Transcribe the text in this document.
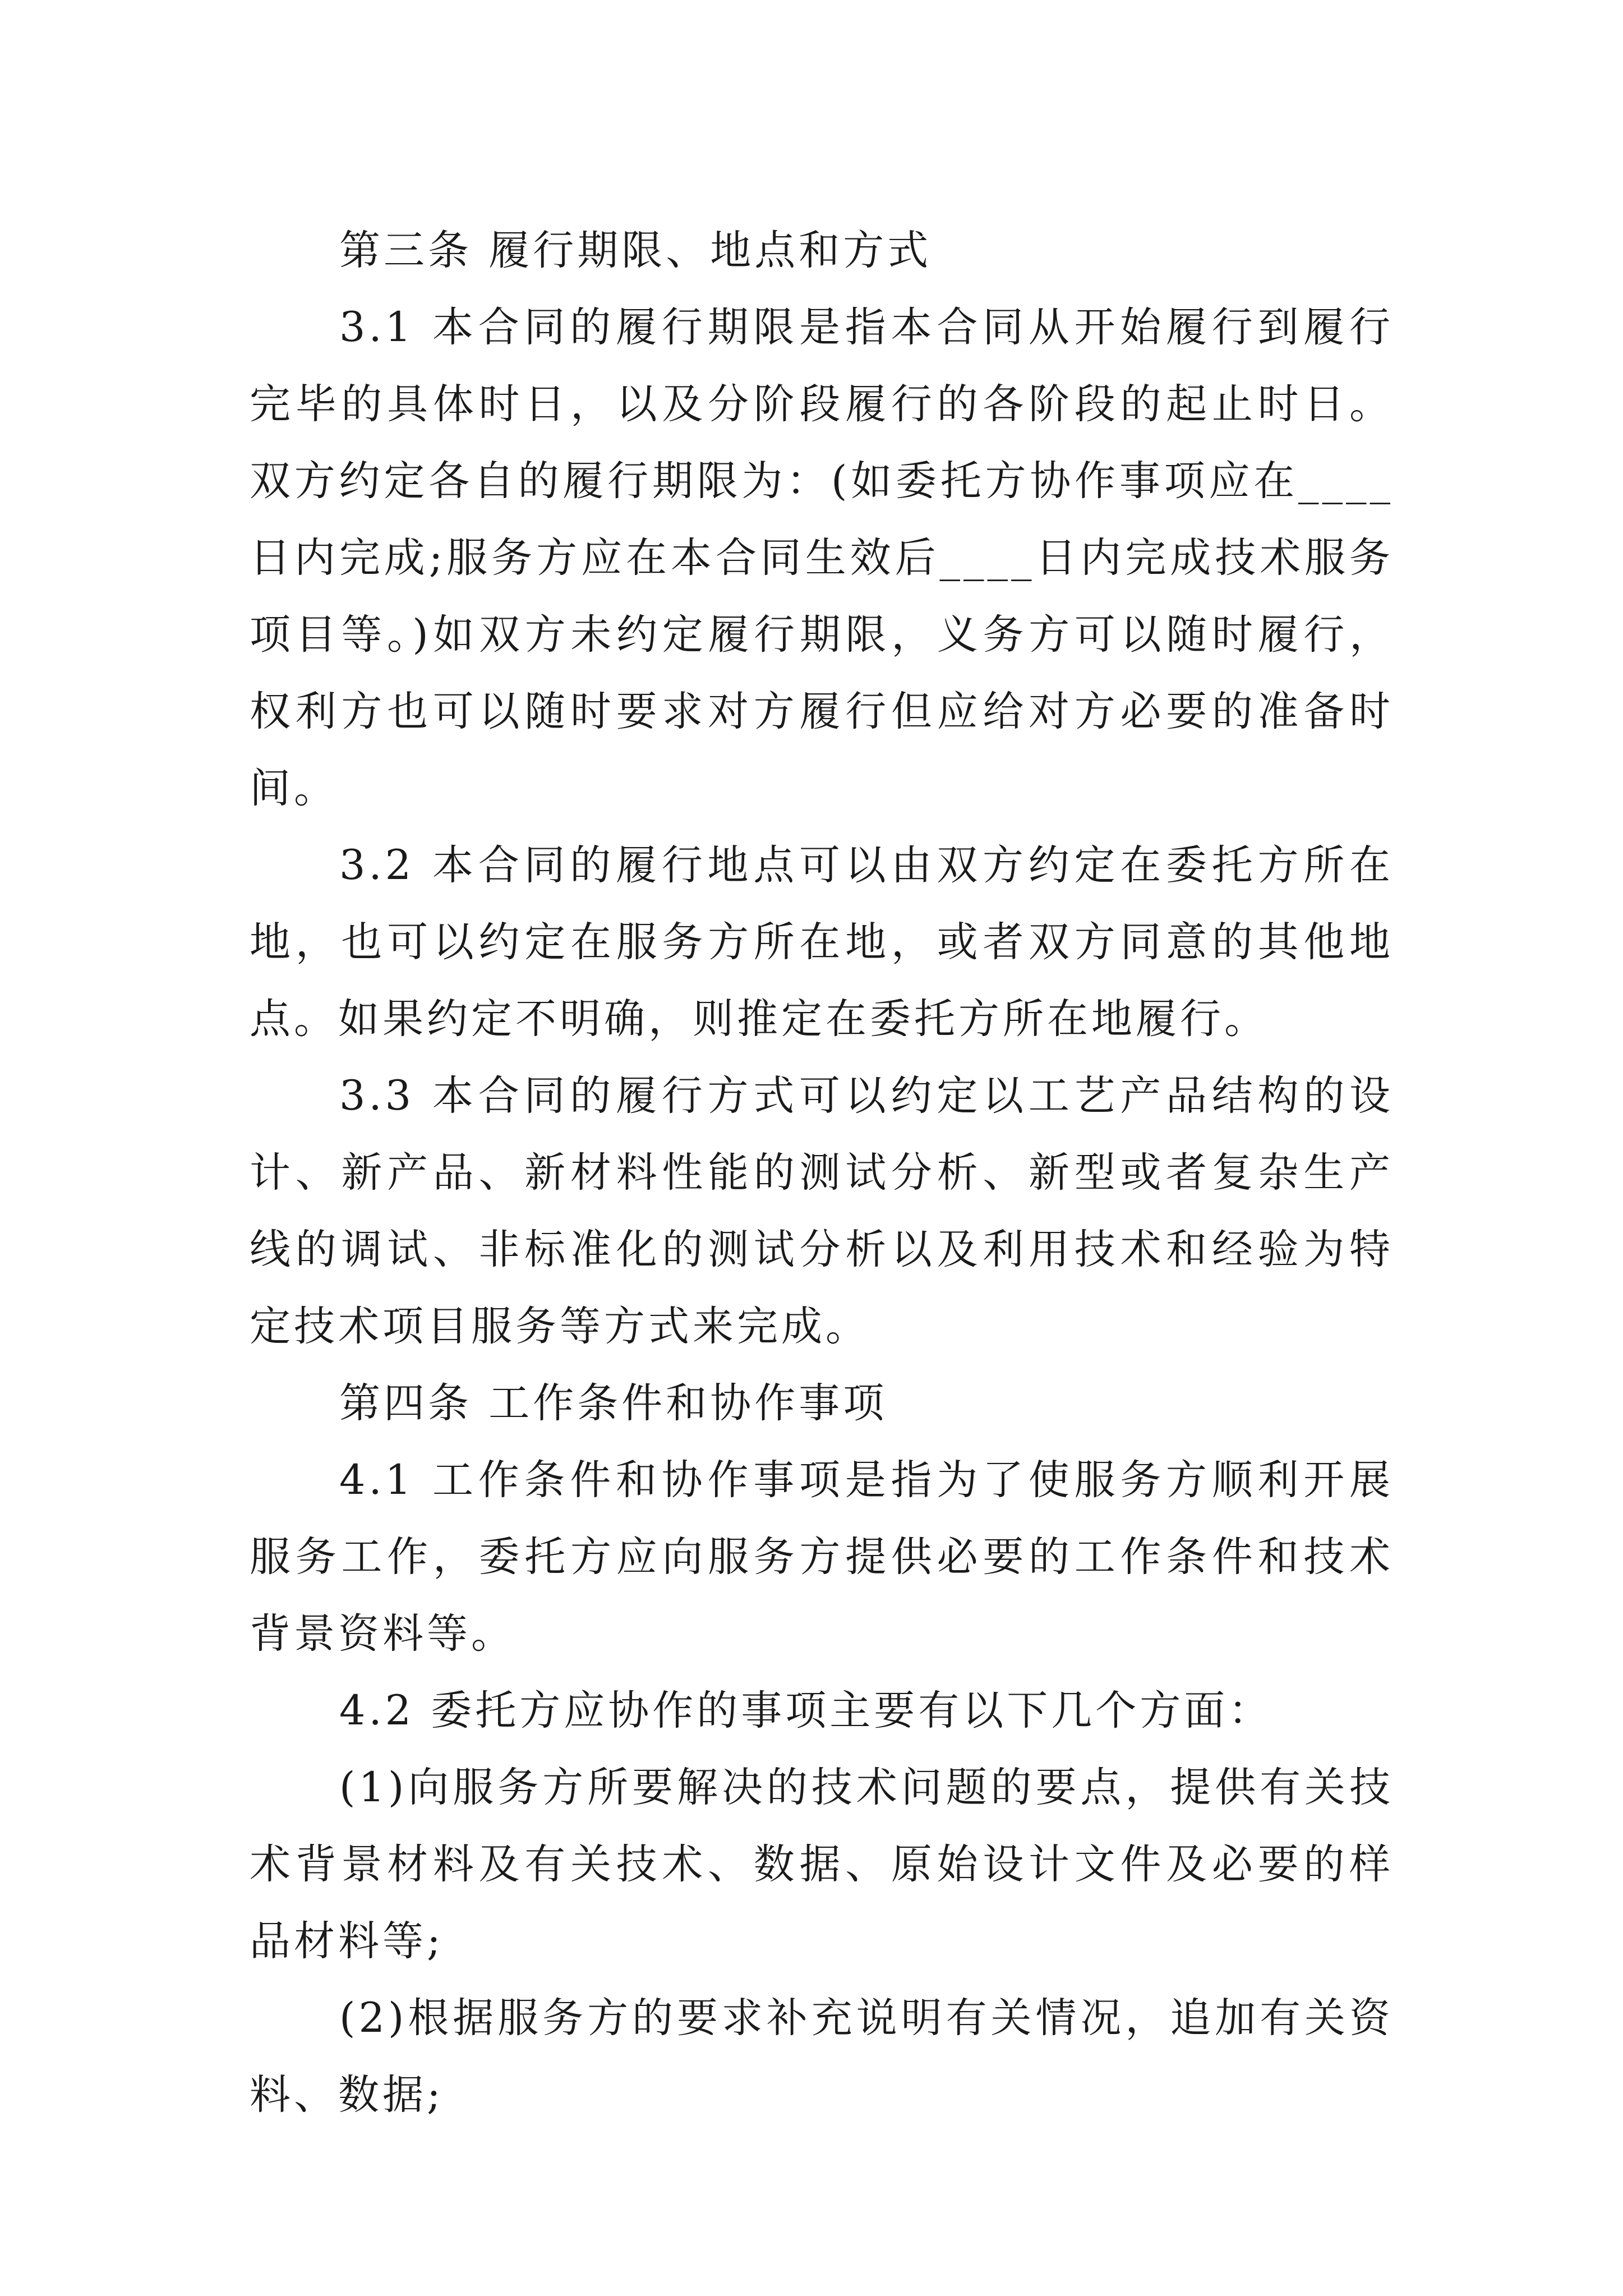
第三条 履行期限、地点和方式

3.1 本合同的履行期限是指本合同从开始履行到履行完毕的具体时日，以及分阶段履行的各阶段的起止时日。双方约定各自的履行期限为：(如委托方协作事项应在____日内完成;服务方应在本合同生效后____日内完成技术服务项目等。)如双方未约定履行期限，义务方可以随时履行，权利方也可以随时要求对方履行但应给对方必要的准备时间。

3.2 本合同的履行地点可以由双方约定在委托方所在地，也可以约定在服务方所在地，或者双方同意的其他地点。如果约定不明确，则推定在委托方所在地履行。

3.3 本合同的履行方式可以约定以工艺产品结构的设计、新产品、新材料性能的测试分析、新型或者复杂生产线的调试、非标准化的测试分析以及利用技术和经验为特定技术项目服务等方式来完成。

第四条 工作条件和协作事项

4.1 工作条件和协作事项是指为了使服务方顺利开展服务工作，委托方应向服务方提供必要的工作条件和技术背景资料等。

4.2 委托方应协作的事项主要有以下几个方面：

(1)向服务方所要解决的技术问题的要点，提供有关技术背景材料及有关技术、数据、原始设计文件及必要的样品材料等;

(2)根据服务方的要求补充说明有关情况，追加有关资料、数据;
